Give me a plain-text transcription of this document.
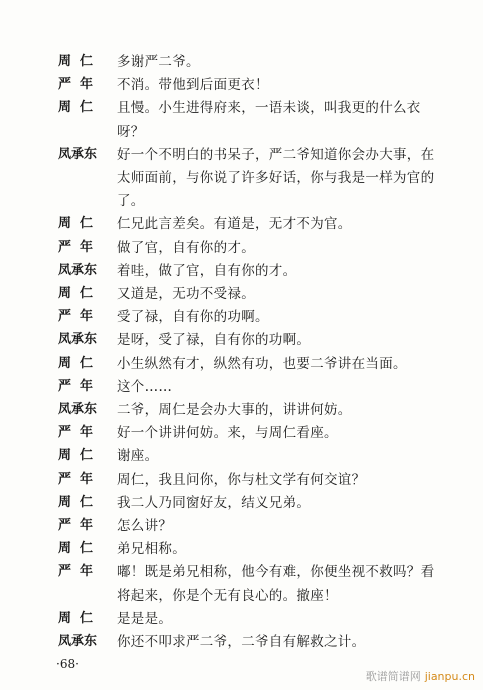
周  仁	多谢严二爷。
严  年	不消。带他到后面更衣！
周  仁	且慢。小生进得府来，一语未谈，叫我更的什么衣
呀？
凤承东	好一个不明白的书呆子，严二爷知道你会办大事，在
太师面前，与你说了许多好话，你与我是一样为官的
了。
周  仁	仁兄此言差矣。有道是，无才不为官。
严  年	做了官，自有你的才。
凤承东	着哇，做了官，自有你的才。
周  仁	又道是，无功不受禄。
严  年	受了禄，自有你的功啊。
凤承东	是呀，受了禄，自有你的功啊。
周  仁	小生纵然有才，纵然有功，也要二爷讲在当面。
严  年	这个……
凤承东	二爷，周仁是会办大事的，讲讲何妨。
严  年	好一个讲讲何妨。来，与周仁看座。
周  仁	谢座。
严  年	周仁，我且问你，你与杜文学有何交谊？
周  仁	我二人乃同窗好友，结义兄弟。
严  年	怎么讲？
周  仁	弟兄相称。
严  年	嘟！既是弟兄相称，他今有难，你便坐视不救吗？看
将起来，你是个无有良心的。撤座！
周  仁	是是是。
凤承东	你还不叩求严二爷，二爷自有解救之计。
·68·
歌谱简谱网 jianpu.cn
